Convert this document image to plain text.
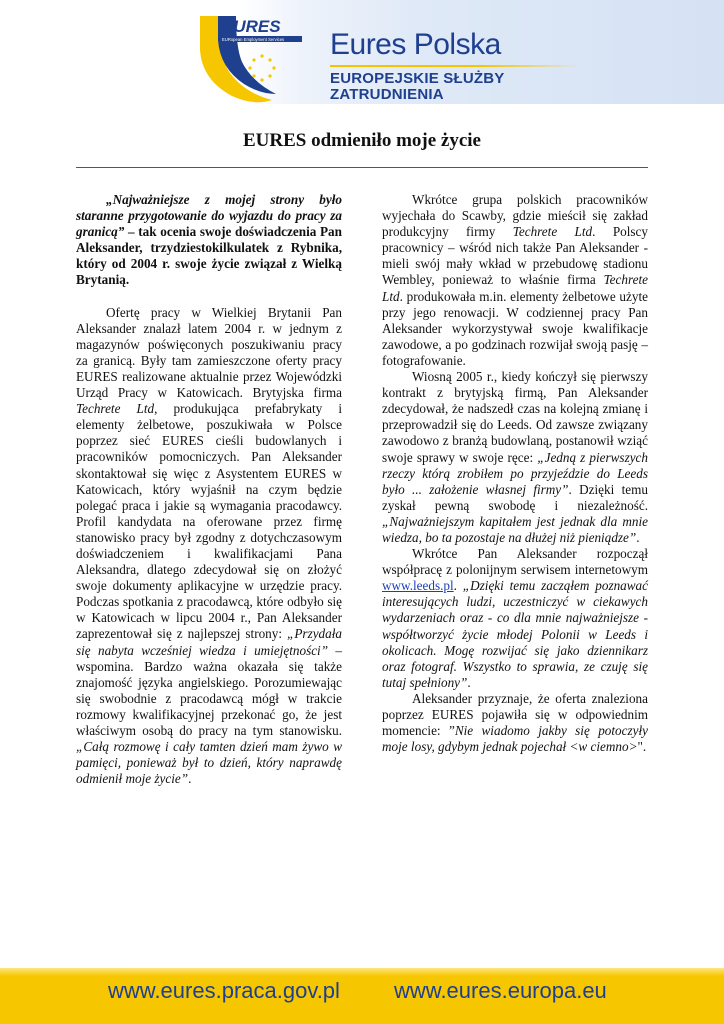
EURES
EURopean Employment Services Eures Polska
EUROPEJSKIE SŁUŻBY
ZATRUDNIENIA
EURES odmieniło moje życie

„Najważniejsze z mojej strony było staranne przygotowanie do wyjazdu do pracy za granicą” – tak ocenia swoje doświadczenia Pan Aleksander, trzydziestokilkulatek z Rybnika, który od 2004 r. swoje życie związał z Wielką Brytanią.

Ofertę pracy w Wielkiej Brytanii Pan Aleksander znalazł latem 2004 r. w jednym z magazynów poświęconych poszukiwaniu pracy za granicą. Były tam zamieszczone oferty pracy EURES realizowane aktualnie przez Wojewódzki Urząd Pracy w Katowicach. Brytyjska firma Techrete Ltd, produkująca prefabrykaty i elementy żelbetowe, poszukiwała w Polsce poprzez sieć EURES cieśli budowlanych i pracowników pomocniczych. Pan Aleksander skontaktował się więc z Asystentem EURES w Katowicach, który wyjaśnił na czym będzie polegać praca i jakie są wymagania pracodawcy. Profil kandydata na oferowane przez firmę stanowisko pracy był zgodny z dotychczasowym doświadczeniem i kwalifikacjami Pana Aleksandra, dlatego zdecydował się on złożyć swoje dokumenty aplikacyjne w urzędzie pracy. Podczas spotkania z pracodawcą, które odbyło się w Katowicach w lipcu 2004 r., Pan Aleksander zaprezentował się z najlepszej strony: „Przydała się nabyta wcześniej wiedza i umiejętności” – wspomina. Bardzo ważna okazała się także znajomość języka angielskiego. Porozumiewając się swobodnie z pracodawcą mógł w trakcie rozmowy kwalifikacyjnej przekonać go, że jest właściwym osobą do pracy na tym stanowisku. „Całą rozmowę i cały tamten dzień mam żywo w pamięci, ponieważ był to dzień, który naprawdę odmienił moje życie”.

Wkrótce grupa polskich pracowników wyjechała do Scawby, gdzie mieścił się zakład produkcyjny firmy Techrete Ltd. Polscy pracownicy – wśród nich także Pan Aleksander - mieli swój mały wkład w przebudowę stadionu Wembley, ponieważ to właśnie firma Techrete Ltd. produkowała m.in. elementy żelbetowe użyte przy jego renowacji. W codziennej pracy Pan Aleksander wykorzystywał swoje kwalifikacje zawodowe, a po godzinach rozwijał swoją pasję – fotografowanie.

Wiosną 2005 r., kiedy kończył się pierwszy kontrakt z brytyjską firmą, Pan Aleksander zdecydował, że nadszedł czas na kolejną zmianę i przeprowadził się do Leeds. Od zawsze związany zawodowo z branżą budowlaną, postanowił wziąć swoje sprawy w swoje ręce: „Jedną z pierwszych rzeczy którą zrobiłem po przyjeździe do Leeds było ... założenie własnej firmy”. Dzięki temu zyskał pewną swobodę i niezależność. „Najważniejszym kapitałem jest jednak dla mnie wiedza, bo ta pozostaje na dłużej niż pieniądze”.

Wkrótce Pan Aleksander rozpoczął współpracę z polonijnym serwisem internetowym www.leeds.pl. „Dzięki temu zacząłem poznawać interesujących ludzi, uczestniczyć w ciekawych wydarzeniach oraz - co dla mnie najważniejsze - współtworzyć życie młodej Polonii w Leeds i okolicach. Mogę rozwijać się jako dziennikarz oraz fotograf. Wszystko to sprawia, ze czuję się tutaj spełniony”.

Aleksander przyznaje, że oferta znaleziona poprzez EURES pojawiła się w odpowiednim momencie: ”Nie wiadomo jakby się potoczyły moje losy, gdybym jednak pojechał <w ciemno>".

www.eures.praca.gov.pl www.eures.europa.eu
